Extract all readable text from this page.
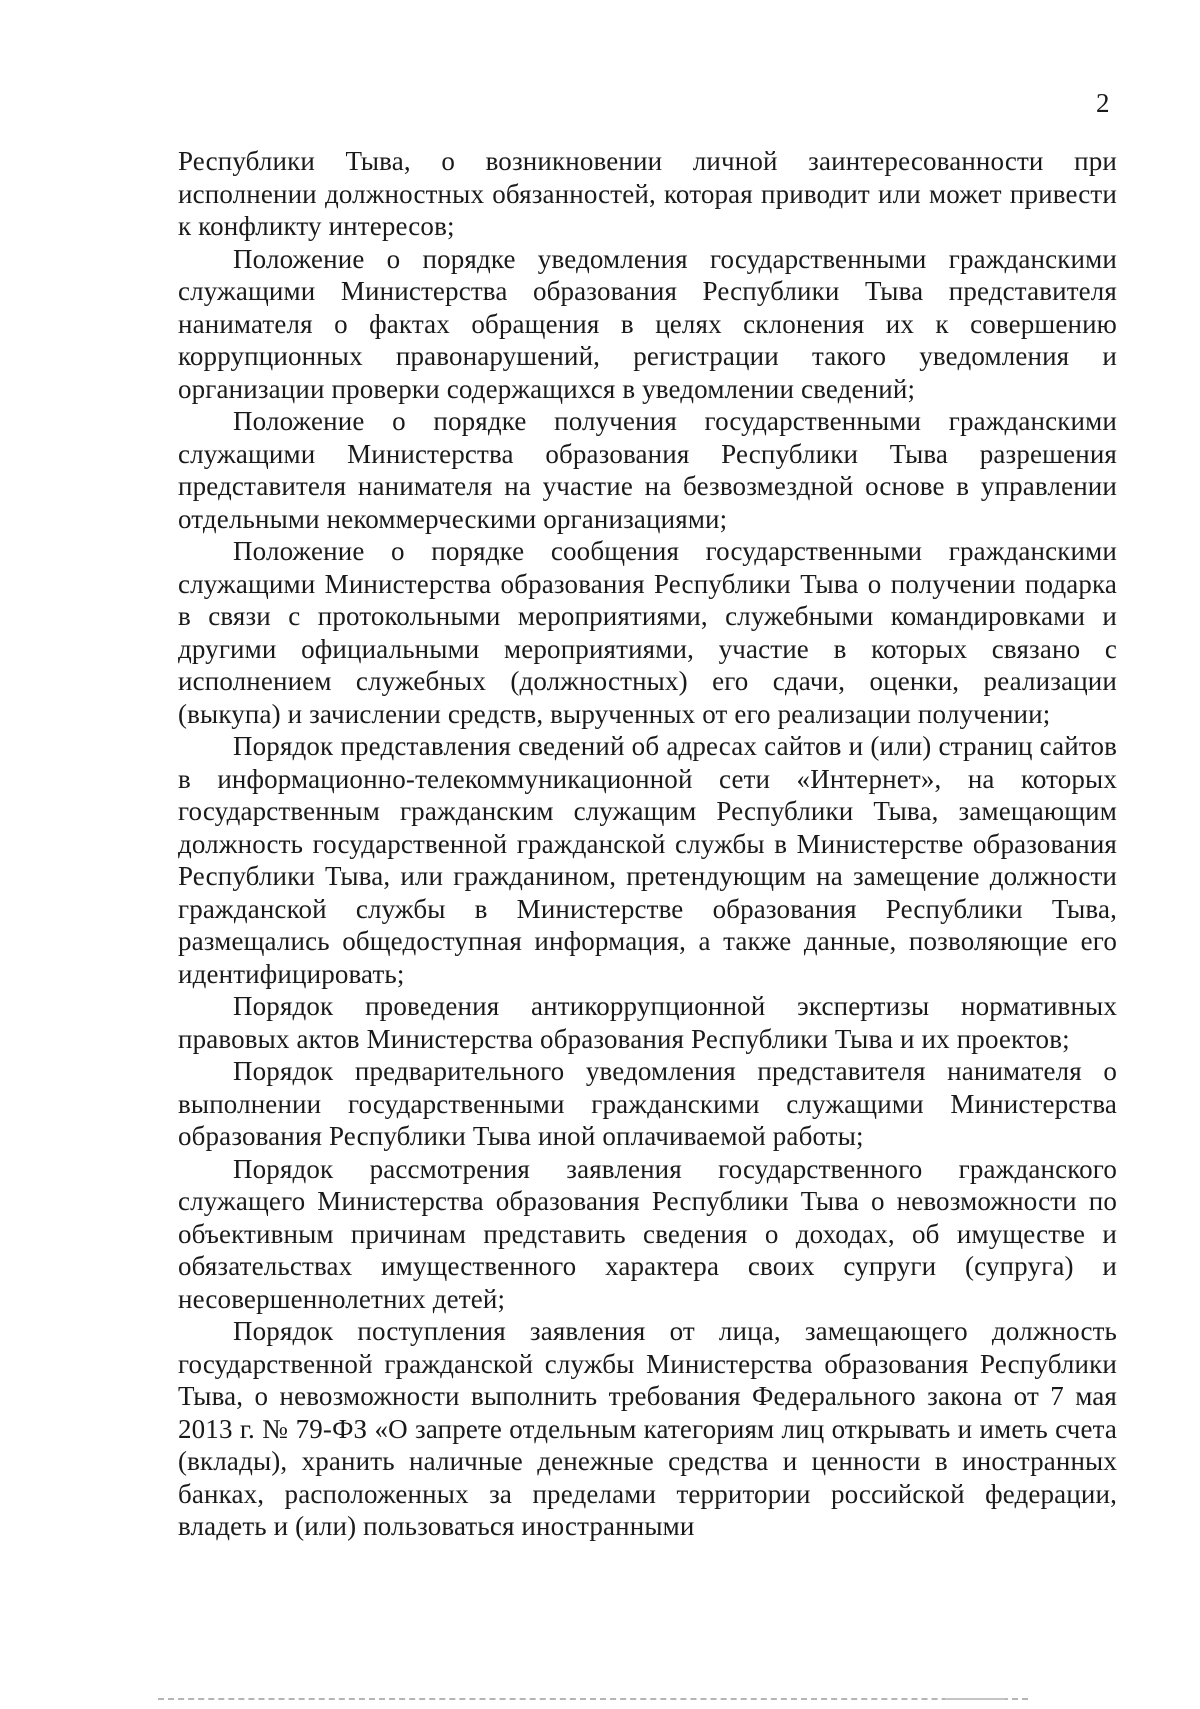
2

Республики Тыва, о возникновении личной заинтересованности при исполнении должностных обязанностей, которая приводит или может привести к конфликту интересов;

Положение о порядке уведомления государственными гражданскими служащими Министерства образования Республики Тыва представителя нанимателя о фактах обращения в целях склонения их к совершению коррупционных правонарушений, регистрации такого уведомления и организации проверки содержащихся в уведомлении сведений;

Положение о порядке получения государственными гражданскими служащими Министерства образования Республики Тыва разрешения представителя нанимателя на участие на безвозмездной основе в управлении отдельными некоммерческими организациями;

Положение о порядке сообщения государственными гражданскими служащими Министерства образования Республики Тыва о получении подарка в связи с протокольными мероприятиями, служебными командировками и другими официальными мероприятиями, участие в которых связано с исполнением служебных (должностных) его сдачи, оценки, реализации (выкупа) и зачислении средств, вырученных от его реализации получении;

Порядок представления сведений об адресах сайтов и (или) страниц сайтов в информационно-телекоммуникационной сети «Интернет», на которых государственным гражданским служащим Республики Тыва, замещающим должность государственной гражданской службы в Министерстве образования Республики Тыва, или гражданином, претендующим на замещение должности гражданской службы в Министерстве образования Республики Тыва, размещались общедоступная информация, а также данные, позволяющие его идентифицировать;

Порядок проведения антикоррупционной экспертизы нормативных правовых актов Министерства образования Республики Тыва и их проектов;

Порядок предварительного уведомления представителя нанимателя о выполнении государственными гражданскими служащими Министерства образования Республики Тыва иной оплачиваемой работы;

Порядок рассмотрения заявления государственного гражданского служащего Министерства образования Республики Тыва о невозможности по объективным причинам представить сведения о доходах, об имуществе и обязательствах имущественного характера своих супруги (супруга) и несовершеннолетних детей;

Порядок поступления заявления от лица, замещающего должность государственной гражданской службы Министерства образования Республики Тыва, о невозможности выполнить требования Федерального закона от 7 мая 2013 г. № 79-ФЗ «О запрете отдельным категориям лиц открывать и иметь счета (вклады), хранить наличные денежные средства и ценности в иностранных банках, расположенных за пределами территории российской федерации, владеть и (или) пользоваться иностранными
